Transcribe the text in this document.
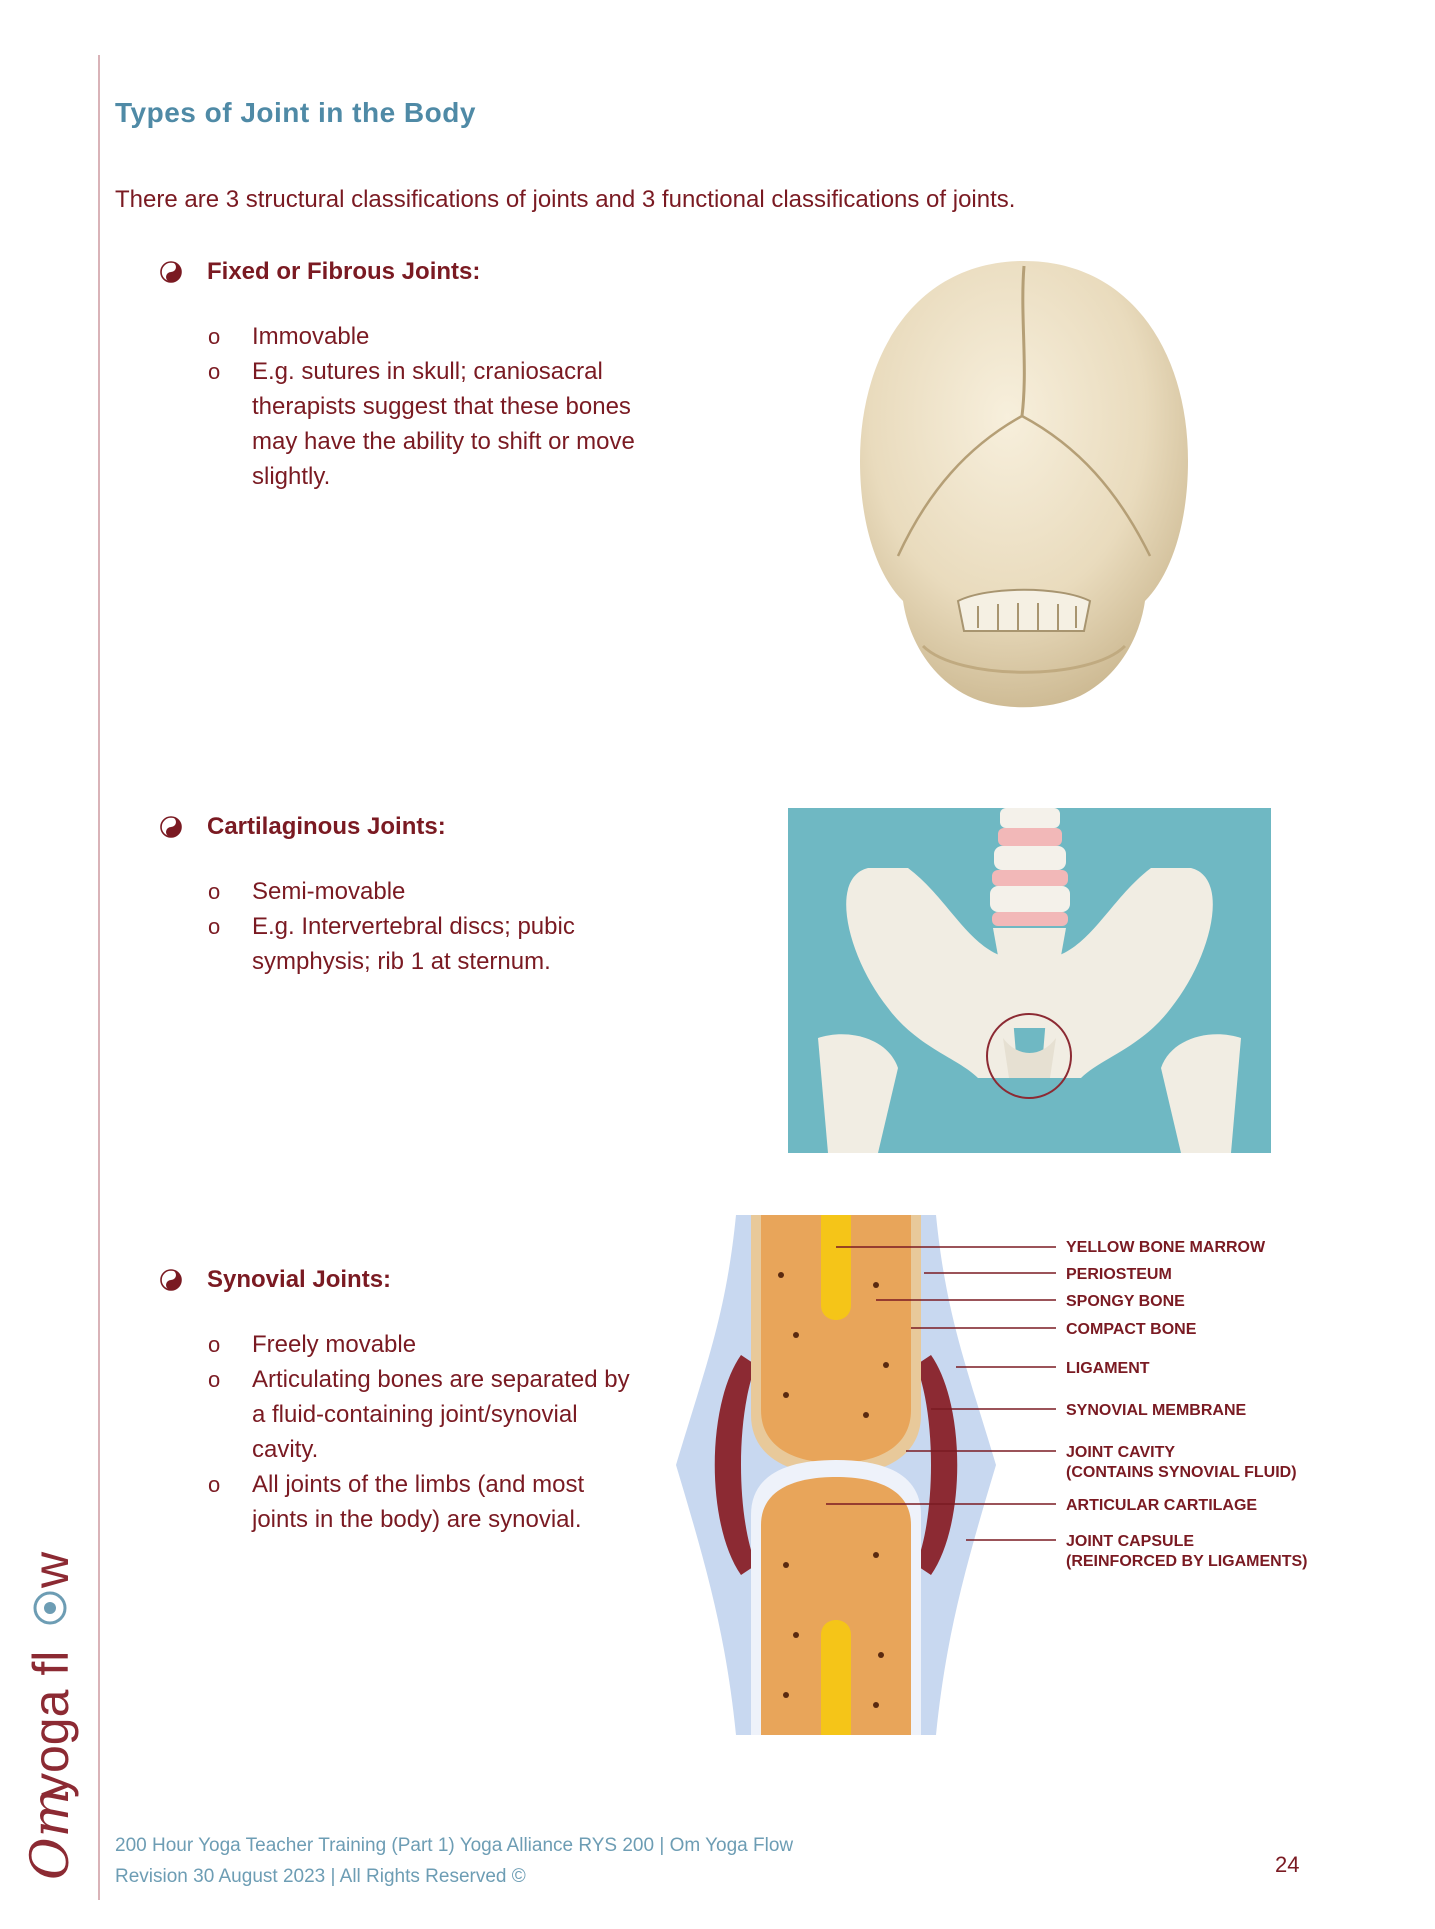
Om
yoga fl
w
Types of Joint in the Body
There are 3 structural classifications of joints and 3 functional classifications of joints.
Fixed or Fibrous Joints:
o Immovable
o E.g. sutures in skull; craniosacral therapists suggest that these bones may have the ability to shift or move slightly.
Cartilaginous Joints:
o Semi-movable
o E.g. Intervertebral discs; pubic symphysis; rib 1 at sternum.
Synovial Joints:
o Freely movable
o Articulating bones are separated by a fluid-containing joint/synovial cavity.
o All joints of the limbs (and most joints in the body) are synovial.
YELLOW BONE MARROW
PERIOSTEUM
SPONGY BONE
COMPACT BONE
LIGAMENT
SYNOVIAL MEMBRANE
JOINT CAVITY
(CONTAINS SYNOVIAL FLUID)
ARTICULAR CARTILAGE
JOINT CAPSULE
(REINFORCED BY LIGAMENTS)
200 Hour Yoga Teacher Training (Part 1) Yoga Alliance RYS 200 | Om Yoga Flow
Revision 30 August 2023 | All Rights Reserved ©	24
